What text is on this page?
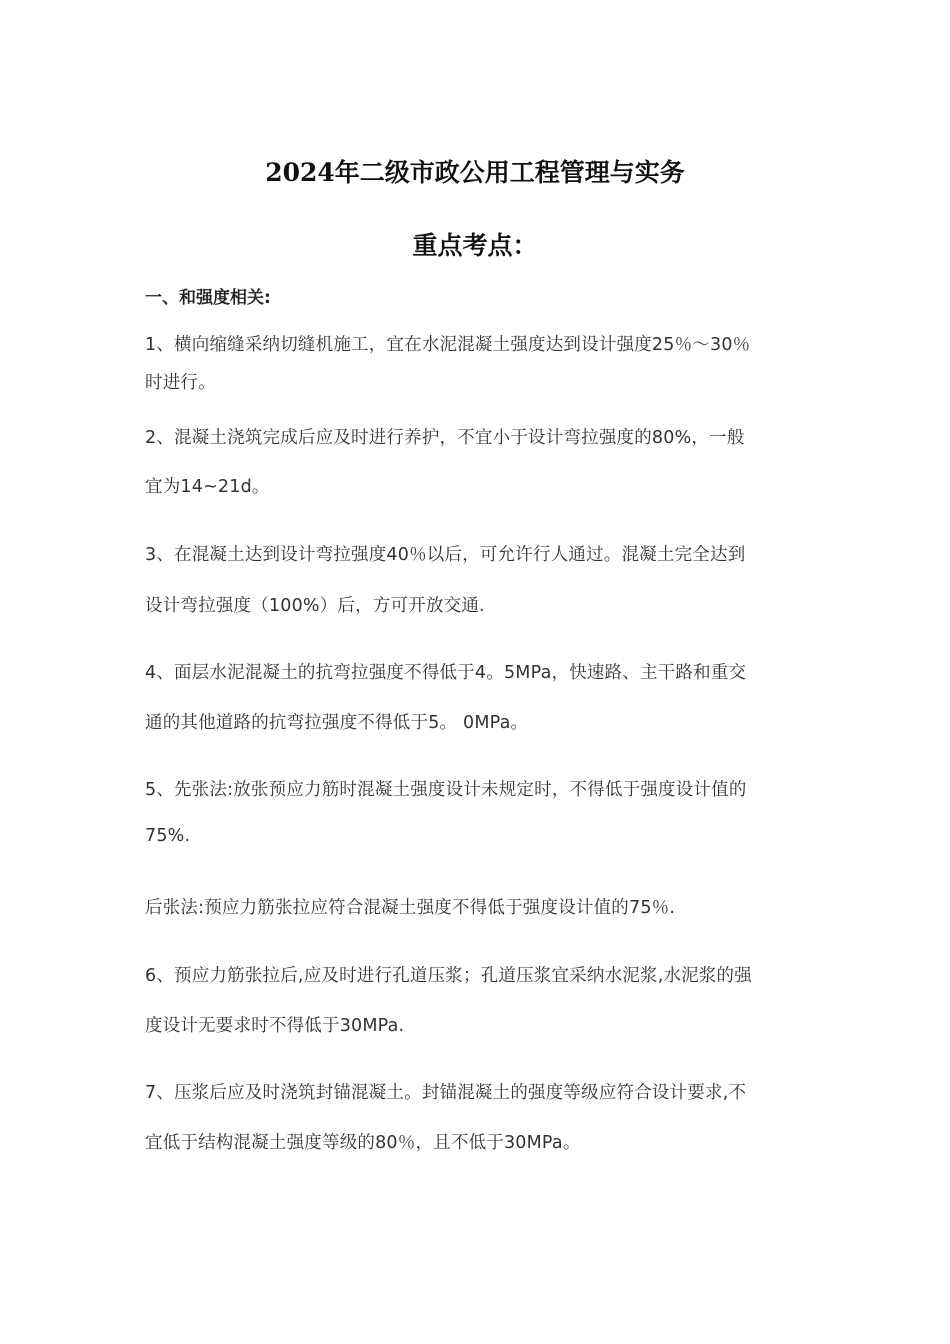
2024年二级市政公用工程管理与实务
重点考点：
一、和强度相关:
1、横向缩缝采纳切缝机施工，宜在水泥混凝土强度达到设计强度25％～30％
时进行。
2、混凝土浇筑完成后应及时进行养护，不宜小于设计弯拉强度的80%，一般
宜为14~21d。
3、在混凝土达到设计弯拉强度40％以后，可允许行人通过。混凝土完全达到
设计弯拉强度（100%）后，方可开放交通.
4、面层水泥混凝土的抗弯拉强度不得低于4。5MPa，快速路、主干路和重交
通的其他道路的抗弯拉强度不得低于5。 0MPa。
5、先张法:放张预应力筋时混凝土强度设计未规定时，不得低于强度设计值的
75%.
后张法:预应力筋张拉应符合混凝土强度不得低于强度设计值的75％.
6、预应力筋张拉后,应及时进行孔道压浆；孔道压浆宜采纳水泥浆,水泥浆的强
度设计无要求时不得低于30MPa.
7、压浆后应及时浇筑封锚混凝土。封锚混凝土的强度等级应符合设计要求,不
宜低于结构混凝土强度等级的80％，且不低于30MPa。
